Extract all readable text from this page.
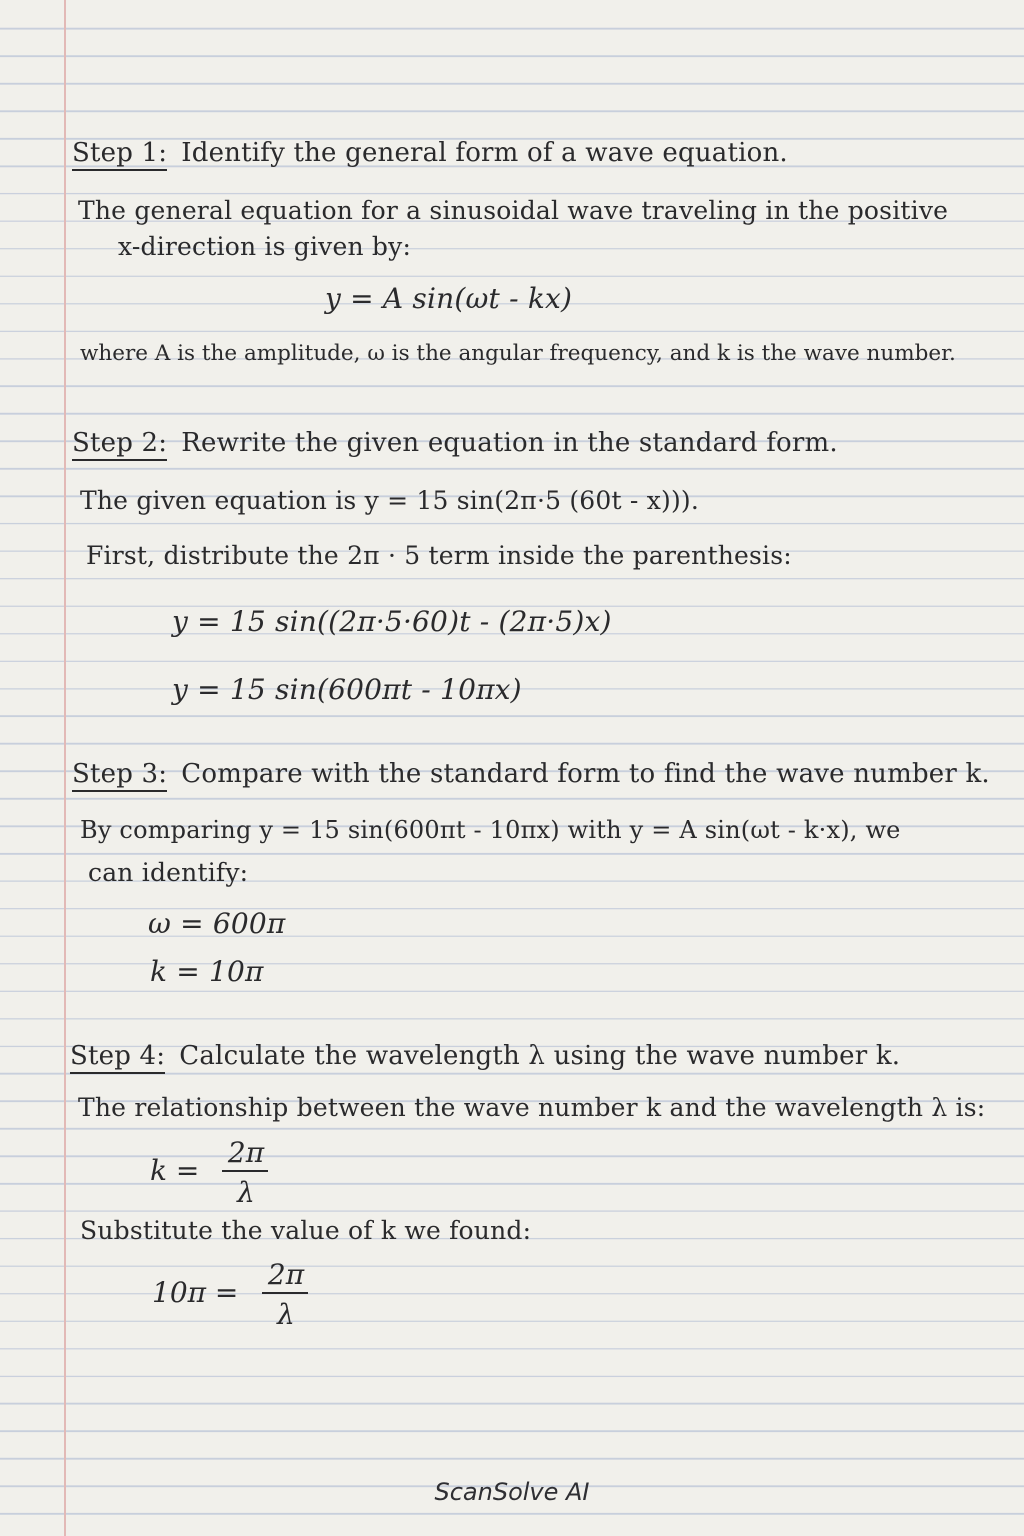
Step 1: Identify the general form of a wave equation.
The general equation for a sinusoidal wave traveling in the positive
x-direction is given by:
y = A sin(ωt - kx)
where A is the amplitude, ω is the angular frequency, and k is the wave number.
Step 2: Rewrite the given equation in the standard form.
The given equation is y = 15 sin(2π·5 (60t - x))).
First, distribute the 2π · 5 term inside the parenthesis:
y = 15 sin((2π·5·60)t - (2π·5)x)
y = 15 sin(600πt - 10πx)
Step 3: Compare with the standard form to find the wave number k.
By comparing y = 15 sin(600πt - 10πx) with y = A sin(ωt - k·x), we
can identify:
ω = 600π
k = 10π
Step 4: Calculate the wavelength λ using the wave number k.
The relationship between the wave number k and the wavelength λ is:
k =
2π
λ
Substitute the value of k we found:
10π =
2π
λ
ScanSolve AI
